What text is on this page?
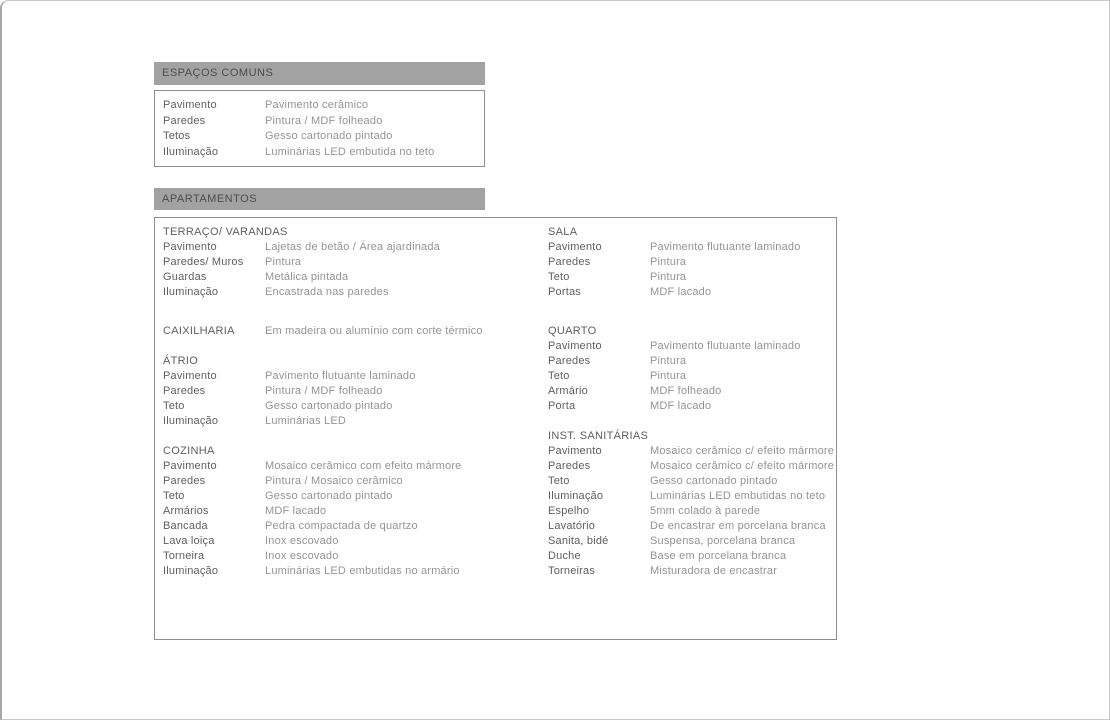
ESPAÇOS COMUNS
Pavimento	Pavimento cerâmico
Paredes	Pintura / MDF folheado
Tetos	Gesso cartonado pintado
Iluminação	Luminárias LED embutida no teto
APARTAMENTOS
TERRAÇO/ VARANDAS
Pavimento	Lajetas de betão / Área ajardinada
Paredes/ Muros	Pintura
Guardas	Metálica pintada
Iluminação	Encastrada nas paredes
CAIXILHARIA	Em madeira ou alumínio com corte térmico
ÁTRIO
Pavimento	Pavimento flutuante laminado
Paredes	Pintura / MDF folheado
Teto	Gesso cartonado pintado
Iluminação	Luminárias LED
COZINHA
Pavimento	Mosaico cerâmico com efeito mármore
Paredes	Pintura / Mosaico cerâmico
Teto	Gesso cartonado pintado
Armários	MDF lacado
Bancada	Pedra compactada de quartzo
Lava loiça	Inox escovado
Torneira	Inox escovado
Iluminação	Luminárias LED embutidas no armário
SALA
Pavimento	Pavimento flutuante laminado
Paredes	Pintura
Teto	Pintura
Portas	MDF lacado
QUARTO
Pavimento	Pavimento flutuante laminado
Paredes	Pintura
Teto	Pintura
Armário	MDF folheado
Porta	MDF lacado
INST. SANITÁRIAS
Pavimento	Mosaico cerâmico c/ efeito mármore
Paredes	Mosaico cerâmico c/ efeito mármore
Teto	Gesso cartonado pintado
Iluminação	Luminárias LED embutidas no teto
Espelho	5mm colado à parede
Lavatório	De encastrar em porcelana branca
Sanita, bidé	Suspensa, porcelana branca
Duche	Base em porcelana branca
Torneiras	Misturadora de encastrar
